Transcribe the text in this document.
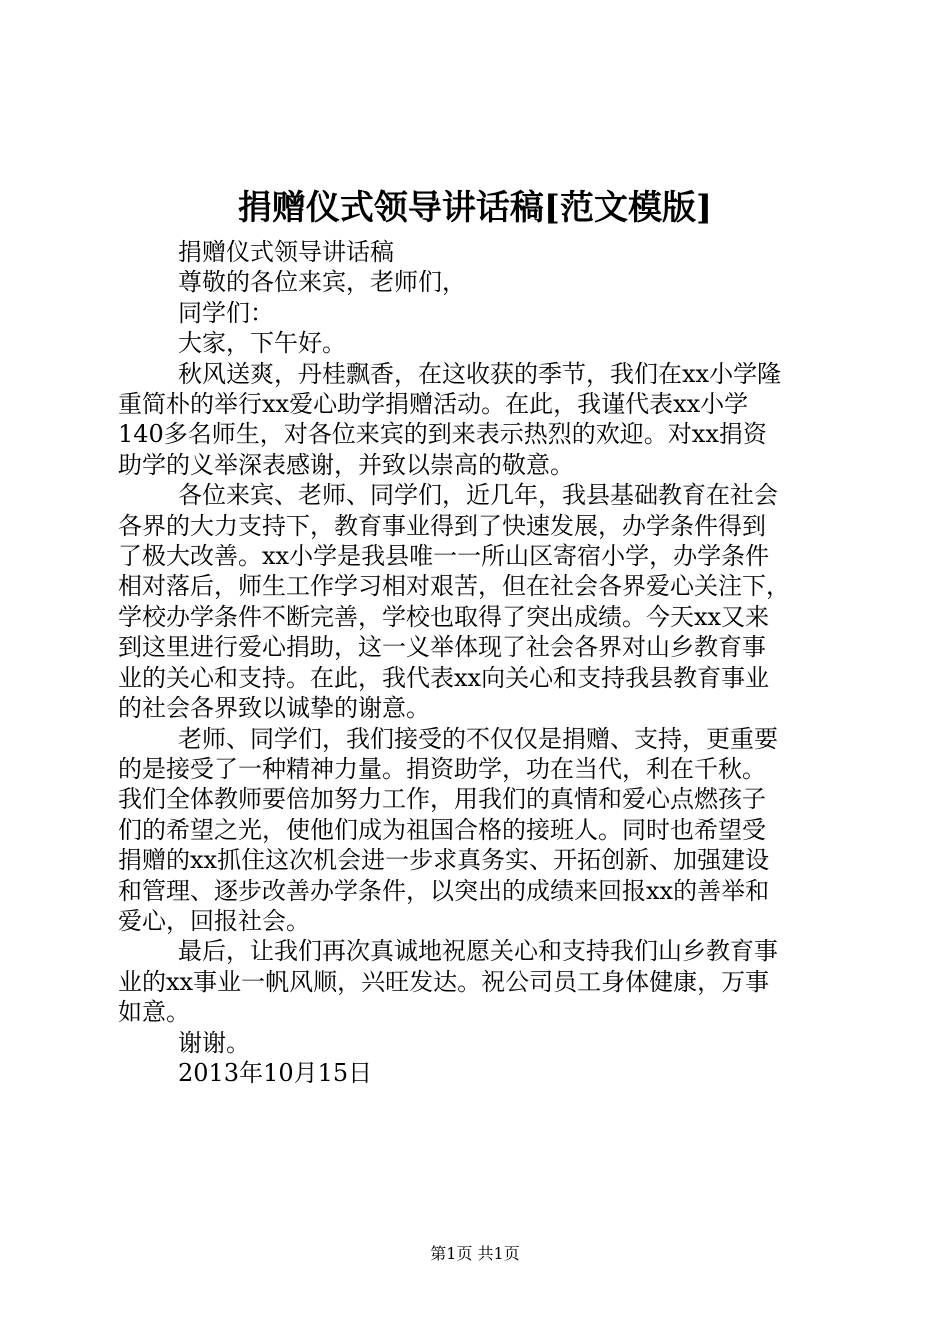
捐赠仪式领导讲话稿[范文模版]

捐赠仪式领导讲话稿

尊敬的各位来宾，老师们，

同学们：

大家，下午好。

秋风送爽，丹桂飘香，在这收获的季节，我们在xx小学隆
重简朴的举行xx爱心助学捐赠活动。在此，我谨代表xx小学
140多名师生，对各位来宾的到来表示热烈的欢迎。对xx捐资
助学的义举深表感谢，并致以崇高的敬意。

各位来宾、老师、同学们，近几年，我县基础教育在社会
各界的大力支持下，教育事业得到了快速发展，办学条件得到
了极大改善。xx小学是我县唯一一所山区寄宿小学，办学条件
相对落后，师生工作学习相对艰苦，但在社会各界爱心关注下，
学校办学条件不断完善，学校也取得了突出成绩。今天xx又来
到这里进行爱心捐助，这一义举体现了社会各界对山乡教育事
业的关心和支持。在此，我代表xx向关心和支持我县教育事业
的社会各界致以诚挚的谢意。

老师、同学们，我们接受的不仅仅是捐赠、支持，更重要
的是接受了一种精神力量。捐资助学，功在当代，利在千秋。
我们全体教师要倍加努力工作，用我们的真情和爱心点燃孩子
们的希望之光，使他们成为祖国合格的接班人。同时也希望受
捐赠的xx抓住这次机会进一步求真务实、开拓创新、加强建设
和管理、逐步改善办学条件，以突出的成绩来回报xx的善举和
爱心，回报社会。

最后，让我们再次真诚地祝愿关心和支持我们山乡教育事
业的xx事业一帆风顺，兴旺发达。祝公司员工身体健康，万事
如意。

谢谢。

2013年10月15日

第1页 共1页
